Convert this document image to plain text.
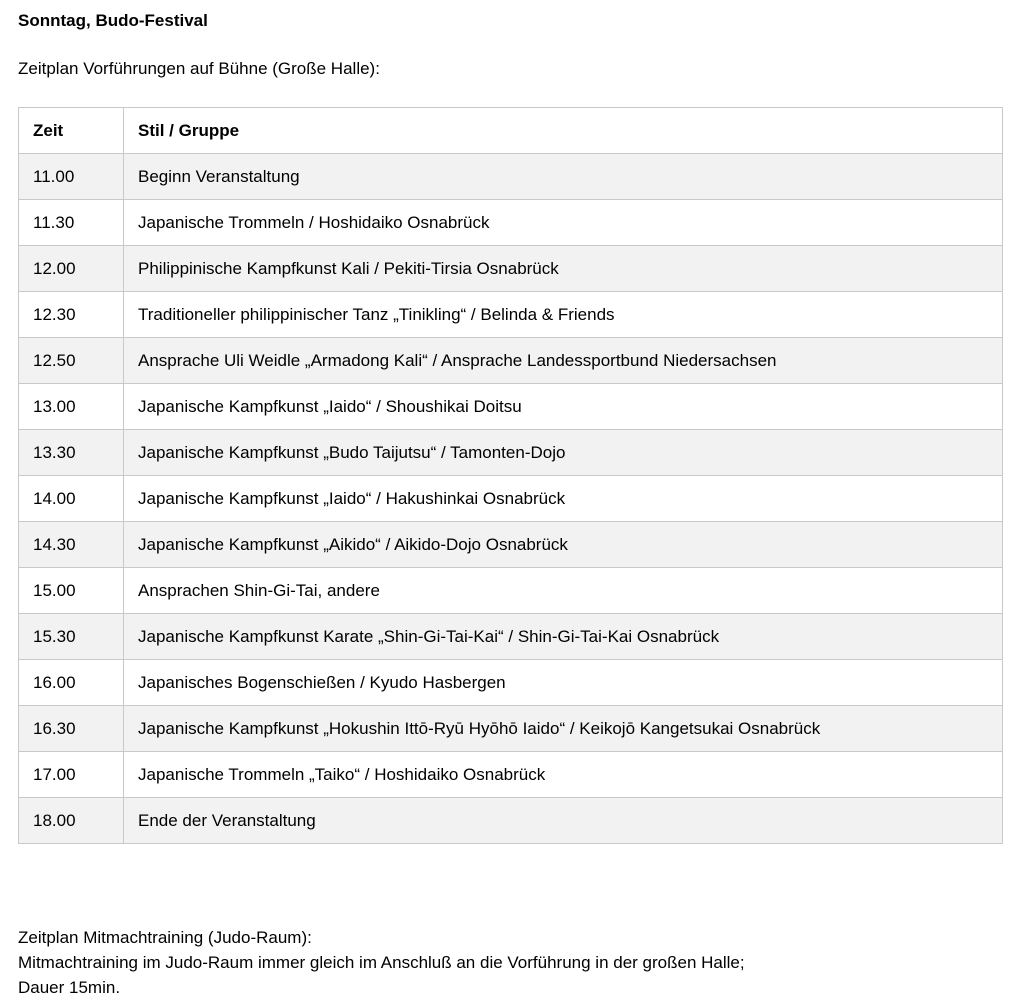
Sonntag, Budo-Festival

Zeitplan Vorführungen auf Bühne (Große Halle):

Zeit	Stil / Gruppe
11.00	Beginn Veranstaltung
11.30	Japanische Trommeln / Hoshidaiko Osnabrück
12.00	Philippinische Kampfkunst Kali / Pekiti-Tirsia Osnabrück
12.30	Traditioneller philippinischer Tanz „Tinikling“ / Belinda & Friends
12.50	Ansprache Uli Weidle „Armadong Kali“ / Ansprache Landessportbund Niedersachsen
13.00	Japanische Kampfkunst „Iaido“ / Shoushikai Doitsu
13.30	Japanische Kampfkunst „Budo Taijutsu“ / Tamonten-Dojo
14.00	Japanische Kampfkunst „Iaido“ / Hakushinkai Osnabrück
14.30	Japanische Kampfkunst „Aikido“ / Aikido-Dojo Osnabrück
15.00	Ansprachen Shin-Gi-Tai, andere
15.30	Japanische Kampfkunst Karate „Shin-Gi-Tai-Kai“ / Shin-Gi-Tai-Kai Osnabrück
16.00	Japanisches Bogenschießen / Kyudo Hasbergen
16.30	Japanische Kampfkunst „Hokushin Ittō-Ryū Hyōhō Iaido“ / Keikojō Kangetsukai Osnabrück
17.00	Japanische Trommeln „Taiko“ / Hoshidaiko Osnabrück
18.00	Ende der Veranstaltung
Zeitplan Mitmachtraining (Judo-Raum):
Mitmachtraining im Judo-Raum immer gleich im Anschluß an die Vorführung in der großen Halle;
Dauer 15min.
